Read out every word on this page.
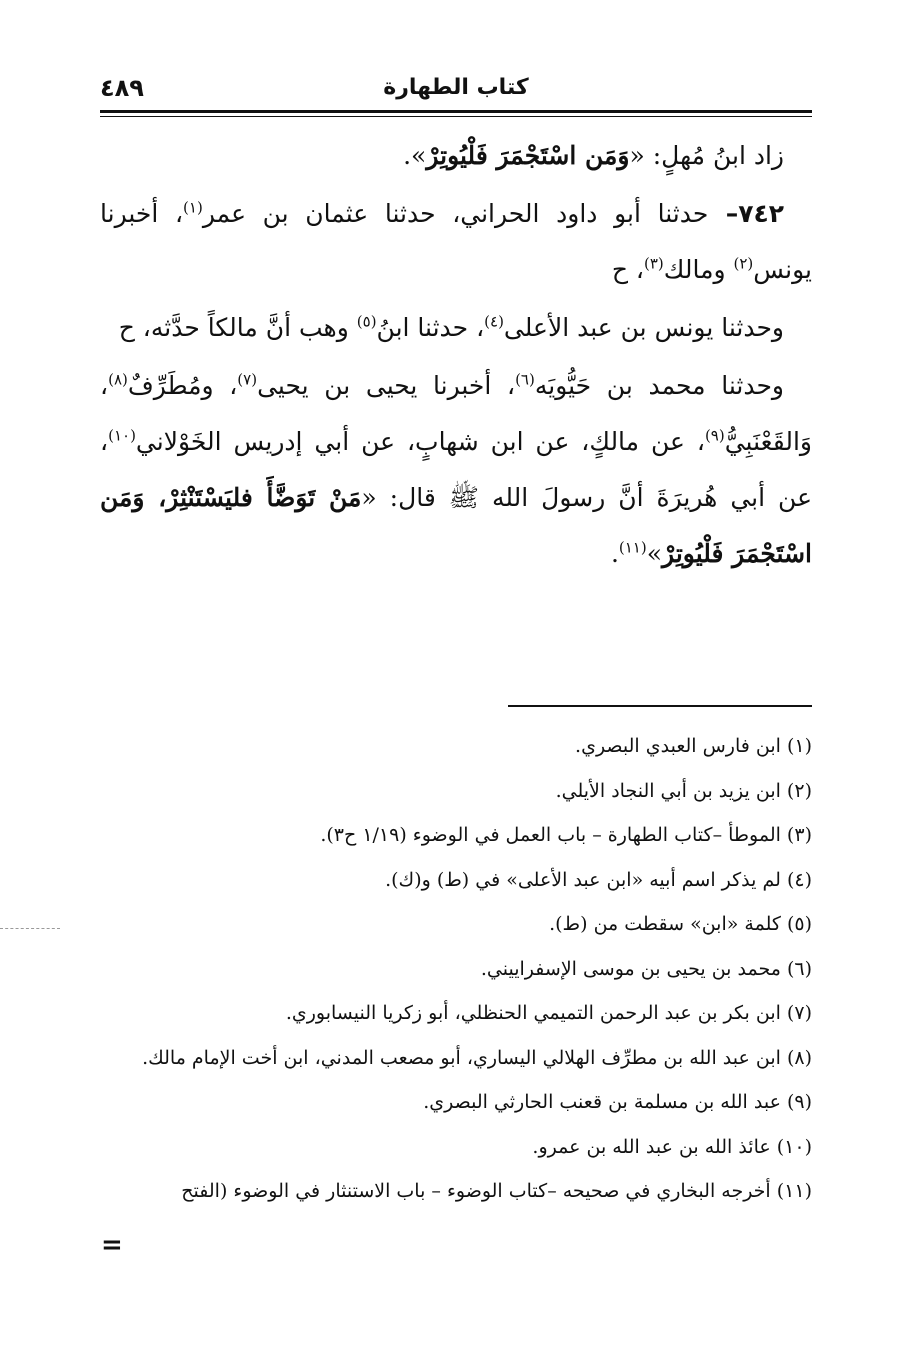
كتاب الطهارة
٤٨٩

زاد ابنُ مُهلٍ: «وَمَن اسْتَجْمَرَ فَلْيُوتِرْ».

٧٤٢– حدثنا أبو داود الحراني، حدثنا عثمان بن عمر$^{(١)}$، أخبرنا يونس$^{(٢)}$ ومالك$^{(٣)}$، ح

وحدثنا يونس بن عبد الأعلى$^{(٤)}$، حدثنا ابنُ$^{(٥)}$ وهب أنَّ مالكاً حدَّثه، ح

وحدثنا محمد بن حَيُّويَه$^{(٦)}$، أخبرنا يحيى بن يحيى$^{(٧)}$، ومُطَرِّفٌ$^{(٨)}$، وَالقَعْنَبِيُّ$^{(٩)}$، عن مالكٍ، عن ابن شهابٍ، عن أبي إدريس الخَوْلاني$^{(١٠)}$، عن أبي هُريرَةَ أنَّ رسولَ الله ﷺ قال: «مَنْ تَوَضَّأَ فليَسْتَنْثِرْ، وَمَن اسْتَجْمَرَ فَلْيُوتِرْ»$^{(١١)}$.

(١) ابن فارس العبدي البصري.

(٢) ابن يزيد بن أبي النجاد الأيلي.

(٣) الموطأ –كتاب الطهارة – باب العمل في الوضوء (١/١٩ ح٣).

(٤) لم يذكر اسم أبيه «ابن عبد الأعلى» في (ط) و(ك).

(٥) كلمة «ابن» سقطت من (ط).

(٦) محمد بن يحيى بن موسى الإسفراييني.

(٧) ابن بكر بن عبد الرحمن التميمي الحنظلي، أبو زكريا النيسابوري.

(٨) ابن عبد الله بن مطرِّف الهلالي اليساري، أبو مصعب المدني، ابن أخت الإمام مالك.

(٩) عبد الله بن مسلمة بن قعنب الحارثي البصري.

(١٠) عائذ الله بن عبد الله بن عمرو.

(١١) أخرجه البخاري في صحيحه –كتاب الوضوء – باب الاستنثار في الوضوء (الفتح

=
